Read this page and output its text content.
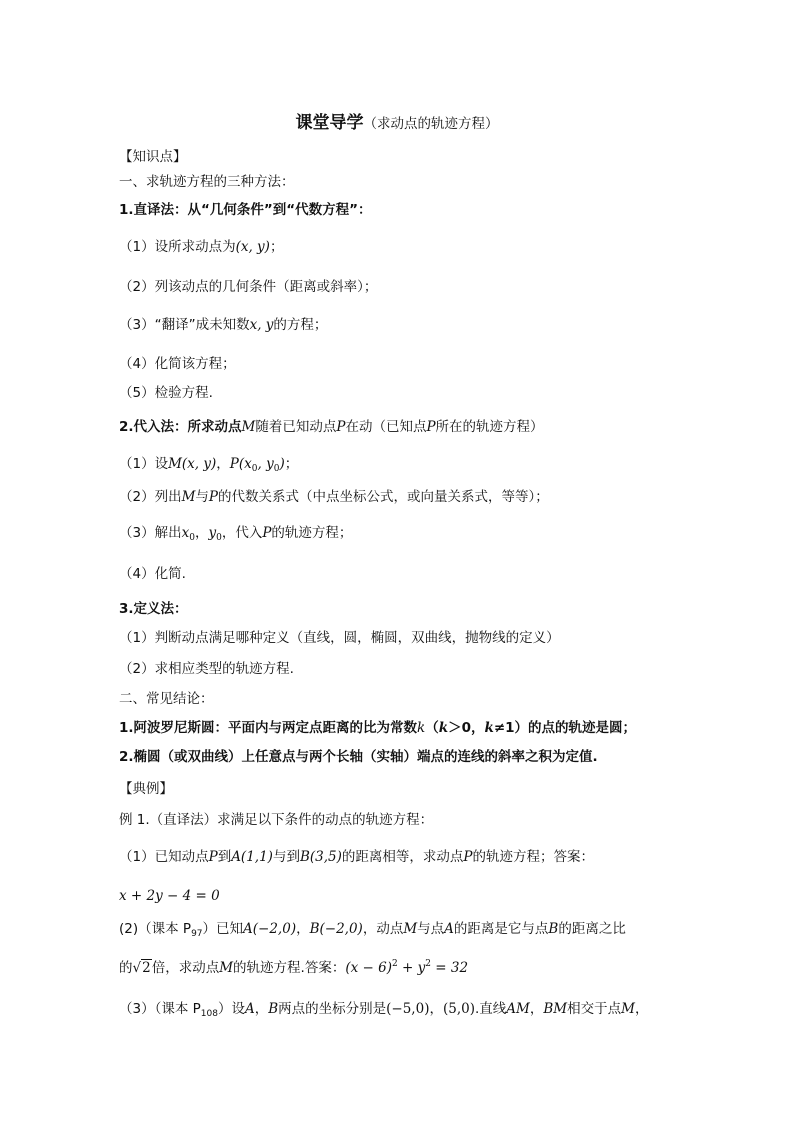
课堂导学（求动点的轨迹方程）
【知识点】
一、求轨迹方程的三种方法：
1.直译法：从“几何条件”到“代数方程”：
（1）设所求动点为(x, y)；
（2）列该动点的几何条件（距离或斜率）；
（3）“翻译”成未知数x, y的方程；
（4）化简该方程；
（5）检验方程.
2.代入法：所求动点M随着已知动点P在动（已知点P所在的轨迹方程）
（1）设M(x, y)，$P(x_0$, $y_0$)；
（2）列出M与P的代数关系式（中点坐标公式，或向量关系式，等等）；
（3）解出$x_0$，$y_0$，代入P的轨迹方程；
（4）化简.
3.定义法：
（1）判断动点满足哪种定义（直线，圆，椭圆，双曲线，抛物线的定义）
（2）求相应类型的轨迹方程.
二、常见结论：
1.阿波罗尼斯圆：平面内与两定点距离的比为常数k（k＞0，k≠1）的点的轨迹是圆；
2.椭圆（或双曲线）上任意点与两个长轴（实轴）端点的连线的斜率之积为定值.
【典例】
例 1.（直译法）求满足以下条件的动点的轨迹方程：
（1）已知动点P到A(1,1)与到B(3,5)的距离相等，求动点P的轨迹方程；答案：
x + 2y − 4 = 0
(2)（课本 $P_{97}$）已知A(−2,0)，B(−2,0)，动点M与点A的距离是它与点B的距离之比
的√2倍，求动点M的轨迹方程.答案：$(x - 6)^2 + y^2 = 32$
（3）（课本 $P_{108}$）设A，B两点的坐标分别是(−5,0)，(5,0).直线AM，BM相交于点M，
